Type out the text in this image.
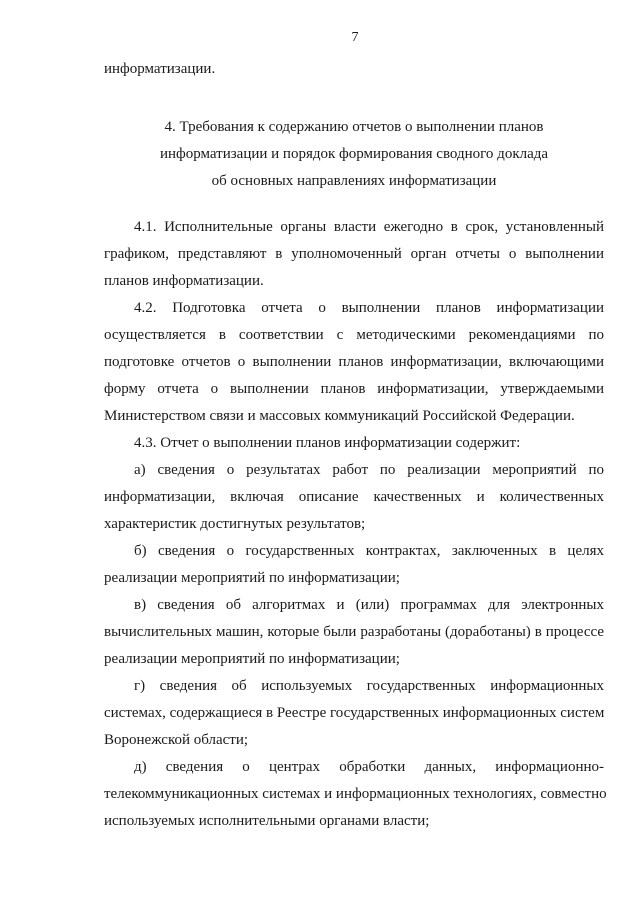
7
информатизации.
4. Требования к содержанию отчетов о выполнении планов
информатизации и порядок формирования сводного доклада
об основных направлениях информатизации
4.1. Исполнительные органы власти ежегодно в срок, установленный
графиком, представляют в уполномоченный орган отчеты о выполнении
планов информатизации.
4.2. Подготовка отчета о выполнении планов информатизации
осуществляется в соответствии с методическими рекомендациями по
подготовке отчетов о выполнении планов информатизации, включающими
форму отчета о выполнении планов информатизации, утверждаемыми
Министерством связи и массовых коммуникаций Российской Федерации.
4.3. Отчет о выполнении планов информатизации содержит:
а) сведения о результатах работ по реализации мероприятий по
информатизации, включая описание качественных и количественных
характеристик достигнутых результатов;
б) сведения о государственных контрактах, заключенных в целях
реализации мероприятий по информатизации;
в) сведения об алгоритмах и (или) программах для электронных
вычислительных машин, которые были разработаны (доработаны) в процессе
реализации мероприятий по информатизации;
г) сведения об используемых государственных информационных
системах, содержащиеся в Реестре государственных информационных систем
Воронежской области;
д) сведения о центрах обработки данных, информационно-
телекоммуникационных системах и информационных технологиях, совместно
используемых исполнительными органами власти;
